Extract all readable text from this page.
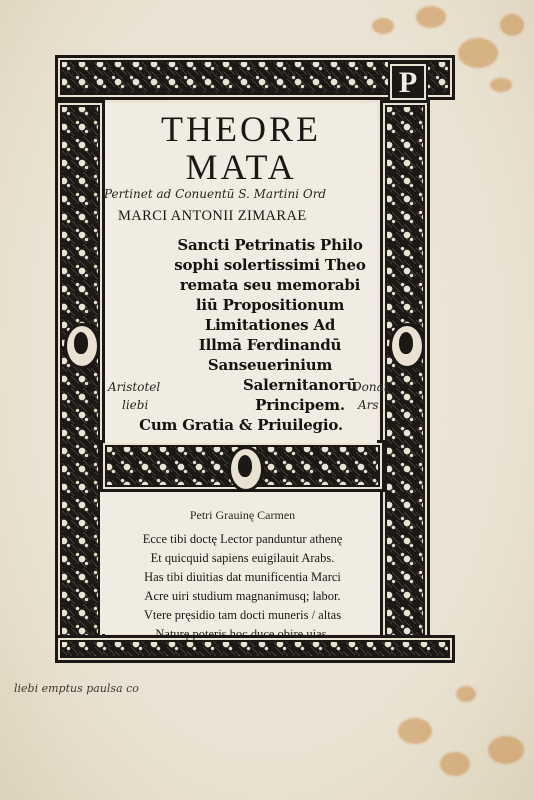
P
THEORE
MATA
Pertinet ad Conuentū S. Martini Ord
MARCI ANTONII ZIMARAE
Sancti Petrinatis Philo
sophi solertissimi Theo
remata seu memorabi
liū Propositionum
Limitationes Ad
Illmā Ferdinandū
Sanseuerinium
Salernitanorū
Principem.
Aristotel
liebi
Donat
Ars
Cum Gratia & Priuilegio.
Petri Grauinę Carmen
Ecce tibi doctę Lector panduntur athenę
Et quicquid sapiens euigilauit Arabs.
Has tibi diuitias dat munificentia Marci
Acre uiri studium magnanimusq; labor.
Vtere pręsidio tam docti muneris / altas
Naturę poteris hoc duce obire uias.
liebi emptus paulsa co
